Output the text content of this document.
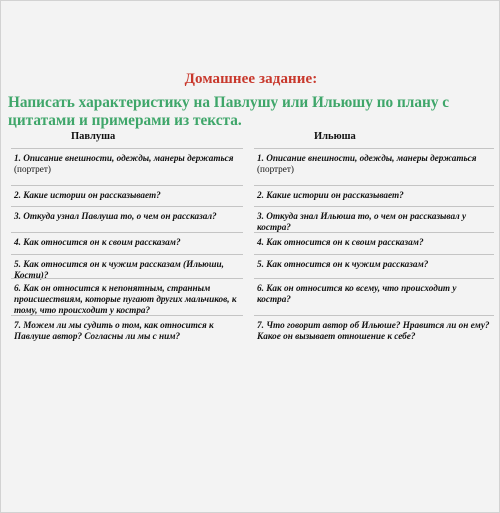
Домашнее задание:
Написать характеристику на Павлушу или Ильюшу по плану с цитатами и примерами из текста.
Павлуша	Ильюша
1. Описание внешности, одежды, манеры держаться
(портрет)
2. Какие истории он рассказывает?
3. Откуда узнал Павлуша то, о чем он рассказал?
4. Как относится он к своим рассказам?
5. Как относится он к чужим рассказам (Ильюши, Кости)?
6. Как он относится к непонятным, странным происшествиям, которые пугают других мальчиков, к тому, что происходит у костра?
7. Можем ли мы судить о том, как относится к Павлуше автор? Согласны ли мы с ним?
1. Описание внешности, одежды, манеры держаться
(портрет)
2. Какие истории он рассказывает?
3. Откуда знал Ильюша то, о чем он рассказывал у костра?
4. Как относится он к своим рассказам?
5. Как относится он к чужим рассказам?
6. Как он относится ко всему, что происходит у костра?
7. Что говорит автор об Ильюше? Нравится ли он ему? Какое он вызывает отношение к себе?
